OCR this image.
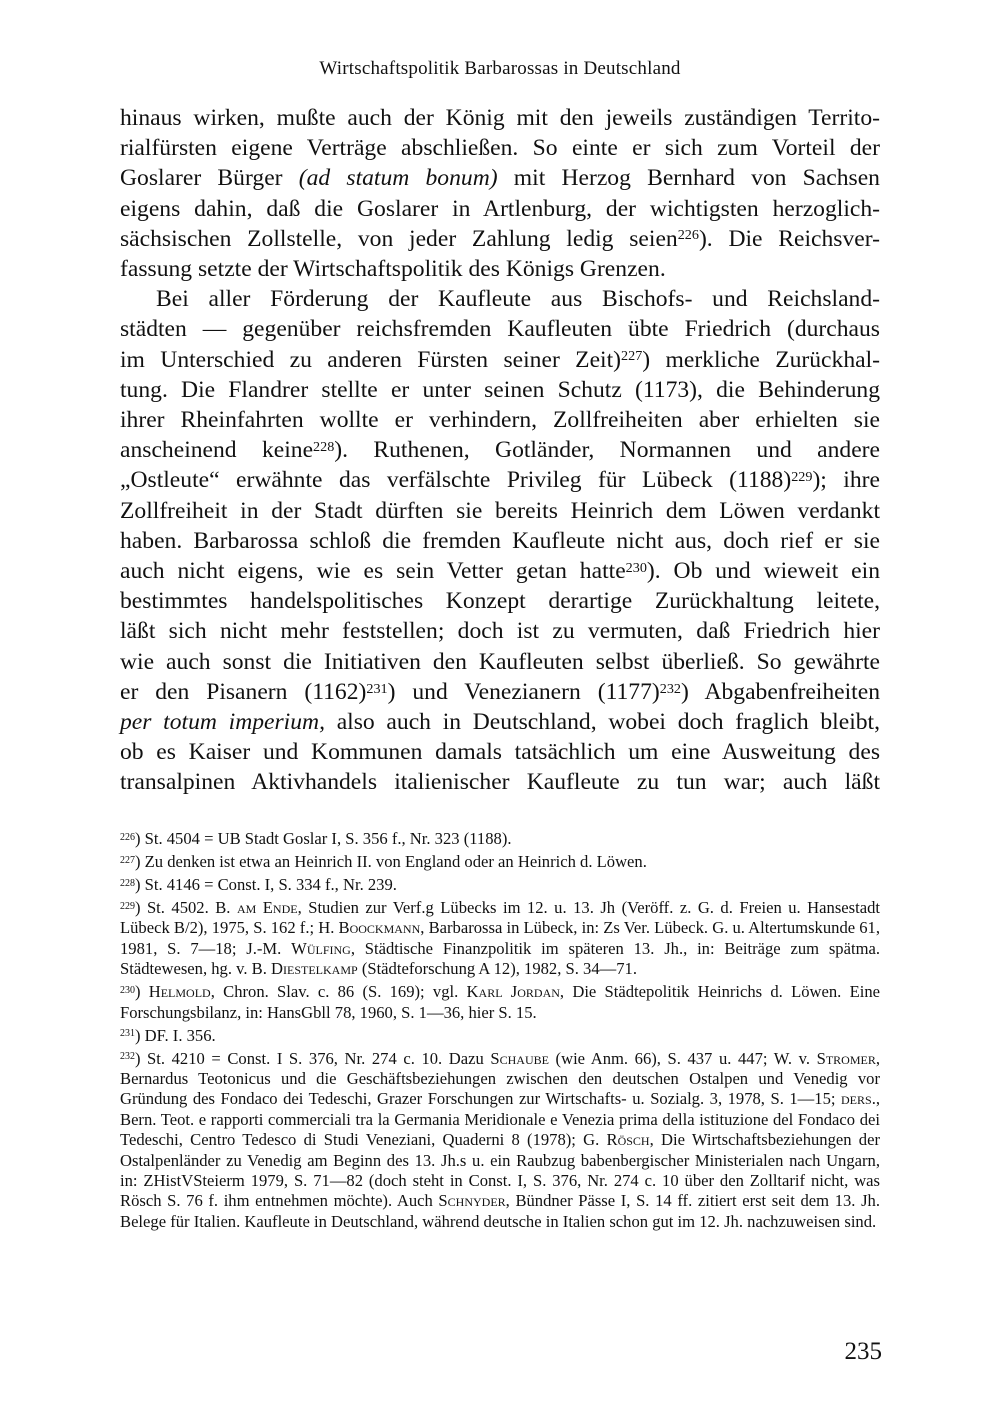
Wirtschaftspolitik Barbarossas in Deutschland

hinaus wirken, mußte auch der König mit den jeweils zuständigen Territo-
rialfürsten eigene Verträge abschließen. So einte er sich zum Vorteil der
Goslarer Bürger (ad statum bonum) mit Herzog Bernhard von Sachsen
eigens dahin, daß die Goslarer in Artlenburg, der wichtigsten herzoglich-
sächsischen Zollstelle, von jeder Zahlung ledig seien$^{226}$). Die Reichsver-
fassung setzte der Wirtschaftspolitik des Königs Grenzen.

Bei aller Förderung der Kaufleute aus Bischofs- und Reichsland-
städten — gegenüber reichsfremden Kaufleuten übte Friedrich (durchaus
im Unterschied zu anderen Fürsten seiner Zeit)$^{227}$) merkliche Zurückhal-
tung. Die Flandrer stellte er unter seinen Schutz (1173), die Behinderung
ihrer Rheinfahrten wollte er verhindern, Zollfreiheiten aber erhielten sie
anscheinend keine$^{228}$). Ruthenen, Gotländer, Normannen und andere
„Ostleute“ erwähnte das verfälschte Privileg für Lübeck $(1188)^{229}$); ihre
Zollfreiheit in der Stadt dürften sie bereits Heinrich dem Löwen verdankt
haben. Barbarossa schloß die fremden Kaufleute nicht aus, doch rief er sie
auch nicht eigens, wie es sein Vetter getan hatte$^{230}$). Ob und wieweit ein
bestimmtes handelspolitisches Konzept derartige Zurückhaltung leitete,
läßt sich nicht mehr feststellen; doch ist zu vermuten, daß Friedrich hier
wie auch sonst die Initiativen den Kaufleuten selbst überließ. So gewährte
er den Pisanern $(1162)^{231}$) und Venezianern $(1177)^{232}$) Abgabenfreiheiten
per totum imperium, also auch in Deutschland, wobei doch fraglich bleibt,
ob es Kaiser und Kommunen damals tatsächlich um eine Ausweitung des
transalpinen Aktivhandels italienischer Kaufleute zu tun war; auch läßt

$^{226}$) St. 4504 = UB Stadt Goslar I, S. 356 f., Nr. 323 (1188).

$^{227}$) Zu denken ist etwa an Heinrich II. von England oder an Heinrich d. Löwen.

$^{228}$) St. 4146 = Const. I, S. 334 f., Nr. 239.

$^{229}$) St. 4502. B. am Ende, Studien zur Verf.g Lübecks im 12. u. 13. Jh (Veröff. z. G. d. Freien u. Hansestadt Lübeck B/2), 1975, S. 162 f.; H. Boockmann, Barbarossa in Lübeck, in: Zs Ver. Lübeck. G. u. Altertumskunde 61, 1981, S. 7—18; J.-M. Wülfing, Städtische Finanzpolitik im späteren 13. Jh., in: Beiträge zum spätma. Städtewesen, hg. v. B. Diestelkamp (Städteforschung A 12), 1982, S. 34—71.

$^{230}$) Helmold, Chron. Slav. c. 86 (S. 169); vgl. Karl Jordan, Die Städtepolitik Heinrichs d. Löwen. Eine Forschungsbilanz, in: HansGbll 78, 1960, S. 1—36, hier S. 15.

$^{231}$) DF. I. 356.

$^{232}$) St. 4210 = Const. I S. 376, Nr. 274 c. 10. Dazu Schaube (wie Anm. 66), S. 437 u. 447; W. v. Stromer, Bernardus Teotonicus und die Geschäftsbeziehungen zwischen den deutschen Ostalpen und Venedig vor Gründung des Fondaco dei Tedeschi, Grazer Forschungen zur Wirtschafts- u. Sozialg. 3, 1978, S. 1—15; ders., Bern. Teot. e rapporti commerciali tra la Germania Meridionale e Venezia prima della istituzione del Fondaco dei Tedeschi, Centro Tedesco di Studi Veneziani, Quaderni 8 (1978); G. Rösch, Die Wirtschaftsbeziehungen der Ostalpenländer zu Venedig am Beginn des 13. Jh.s u. ein Raubzug babenbergischer Ministerialen nach Ungarn, in: ZHistVSteierm 1979, S. 71—82 (doch steht in Const. I, S. 376, Nr. 274 c. 10 über den Zolltarif nicht, was Rösch S. 76 f. ihm entnehmen möchte). Auch Schnyder, Bündner Pässe I, S. 14 ff. zitiert erst seit dem 13. Jh. Belege für Italien. Kaufleute in Deutschland, während deutsche in Italien schon gut im 12. Jh. nachzuweisen sind.

235
